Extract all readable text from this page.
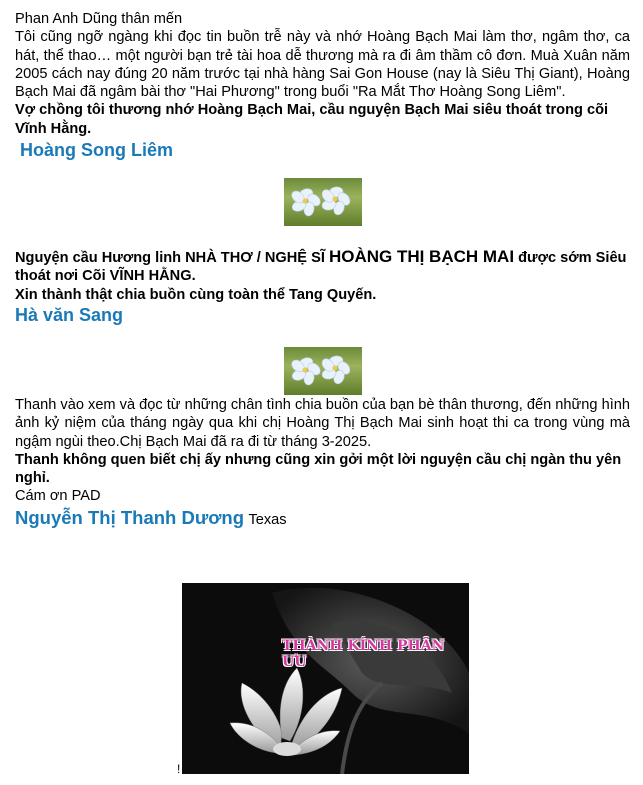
Phan Anh Dũng thân mến

Tôi cũng ngỡ ngàng khi đọc tin buồn trễ này và nhớ Hoàng Bạch Mai làm thơ, ngâm thơ, ca hát, thể thao… một người bạn trẻ tài hoa dễ thương mà ra đi âm thầm cô đơn. Muà Xuân năm 2005 cách nay đúng 20 năm trước tại nhà hàng Sai Gon House (nay là Siêu Thị Giant), Hoàng Bạch Mai đã ngâm bài thơ "Hai Phương" trong buổi "Ra Mắt Thơ Hoàng Song Liêm".

Vợ chồng tôi thương nhớ Hoàng Bạch Mai, cầu nguyện Bạch Mai siêu thoát trong cõi Vĩnh Hằng.

Hoàng Song Liêm

Nguyện cầu Hương linh NHÀ THƠ / NGHỆ SĨ HOÀNG THỊ BẠCH MAI được sớm Siêu thoát nơi Cõi VĨNH HẰNG.

Xin thành thật chia buồn cùng toàn thể Tang Quyến.

Hà văn Sang

Thanh vào xem và đọc từ những chân tình chia buồn của bạn bè thân thương, đến những hình ảnh kỷ niệm của tháng ngày qua khi chị Hoàng Thị Bạch Mai sinh hoạt thi ca trong vùng mà ngậm ngùi theo.Chị Bạch Mai đã ra đi từ tháng 3-2025.

Thanh không quen biết chị ấy nhưng cũng xin gởi một lời nguyện cầu chị ngàn thu yên nghỉ.

Cám ơn PAD

Nguyễn Thị Thanh Dương Texas

THÀNH KÍNH PHÂN ƯU
!
